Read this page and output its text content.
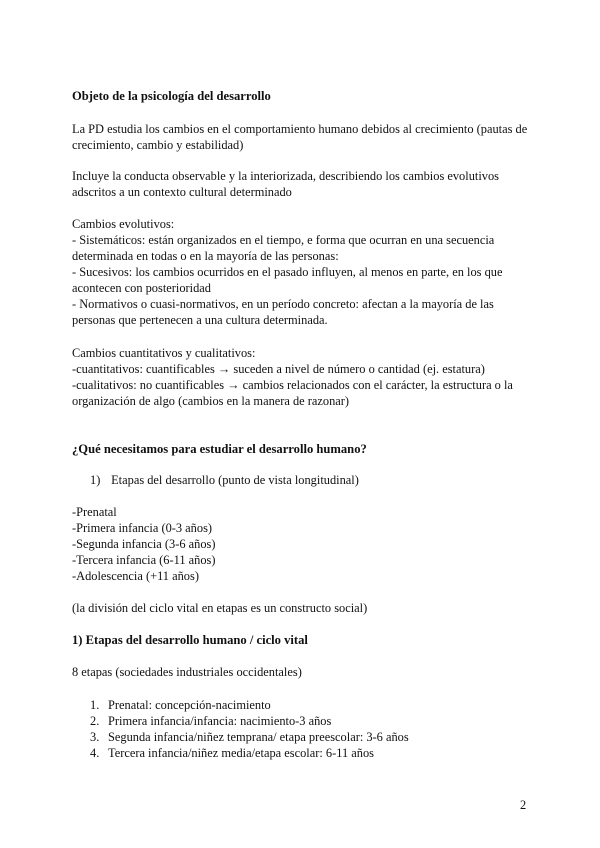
Objeto de la psicología del desarrollo
La PD estudia los cambios en el comportamiento humano debidos al crecimiento (pautas de crecimiento, cambio y estabilidad)
Incluye la conducta observable y la interiorizada, describiendo los cambios evolutivos adscritos a un contexto cultural determinado
Cambios evolutivos:
- Sistemáticos: están organizados en el tiempo, e forma que ocurran en una secuencia determinada en todas o en la mayoría de las personas:
- Sucesivos: los cambios ocurridos en el pasado influyen, al menos en parte, en los que acontecen con posterioridad
- Normativos o cuasi-normativos, en un período concreto: afectan a la mayoría de las personas que pertenecen a una cultura determinada.
Cambios cuantitativos y cualitativos:
-cuantitativos: cuantificables → suceden a nivel de número o cantidad (ej. estatura)
-cualitativos: no cuantificables → cambios relacionados con el carácter, la estructura o la organización de algo (cambios en la manera de razonar)
¿Qué necesitamos para estudiar el desarrollo humano?
1) Etapas del desarrollo (punto de vista longitudinal)
-Prenatal
-Primera infancia (0-3 años)
-Segunda infancia (3-6 años)
-Tercera infancia (6-11 años)
-Adolescencia (+11 años)
(la división del ciclo vital en etapas es un constructo social)
1) Etapas del desarrollo humano / ciclo vital
8 etapas (sociedades industriales occidentales)
1. Prenatal: concepción-nacimiento
2. Primera infancia/infancia: nacimiento-3 años
3. Segunda infancia/niñez temprana/ etapa preescolar: 3-6 años
4. Tercera infancia/niñez media/etapa escolar: 6-11 años
2
